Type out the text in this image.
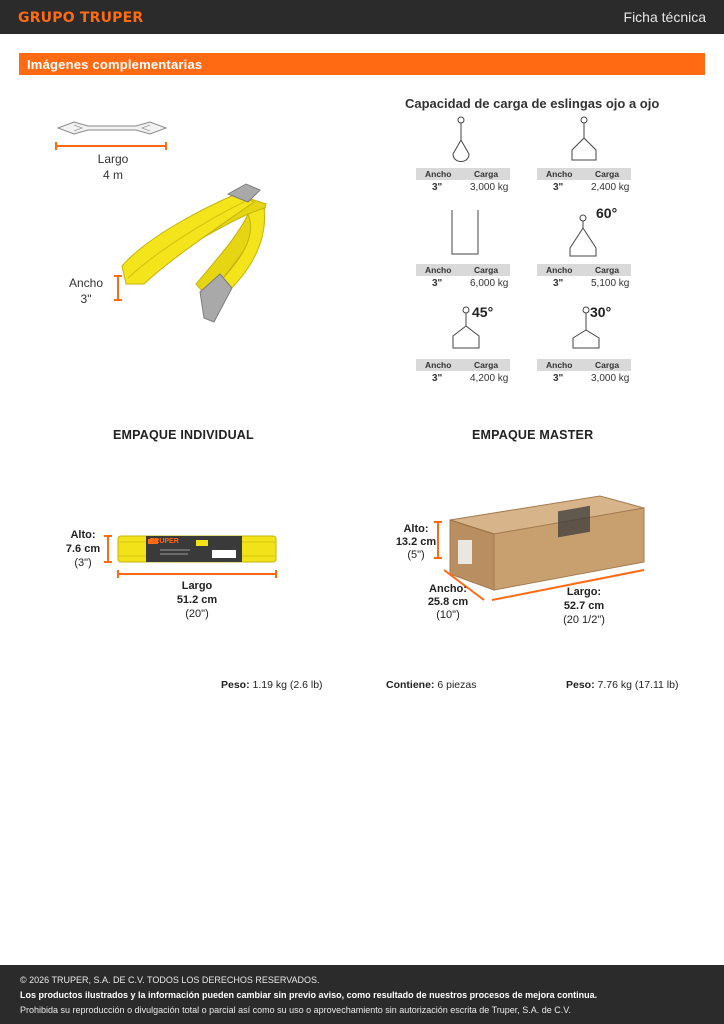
GRUPO TRUPER	Ficha técnica
Imágenes complementarias
Largo
4 m
Ancho
3"
Capacidad de carga de eslingas ojo a ojo
60°
45°	30°
Ancho	Carga
3"	3,000 kg
Ancho	Carga
3"	2,400 kg
Ancho	Carga
3"	6,000 kg
Ancho	Carga
3"	5,100 kg
Ancho	Carga
3"	4,200 kg
Ancho	Carga
3"	3,000 kg
EMPAQUE INDIVIDUAL	EMPAQUE MASTER
TRUPER
Alto:
7.6 cm
(3")
Largo
51.2 cm
(20")
Alto:
13.2 cm
(5")
Ancho:
25.8 cm
(10")
Largo:
52.7 cm
(20 1/2")
Peso: 1.19 kg (2.6 lb)	Contiene: 6 piezas	Peso: 7.76 kg (17.11 lb)
© 2026 TRUPER, S.A. DE C.V. TODOS LOS DERECHOS RESERVADOS.
Los productos ilustrados y la información pueden cambiar sin previo aviso, como resultado de nuestros procesos de mejora continua.
Prohibida su reproducción o divulgación total o parcial así como su uso o aprovechamiento sin autorización escrita de Truper, S.A. de C.V.
